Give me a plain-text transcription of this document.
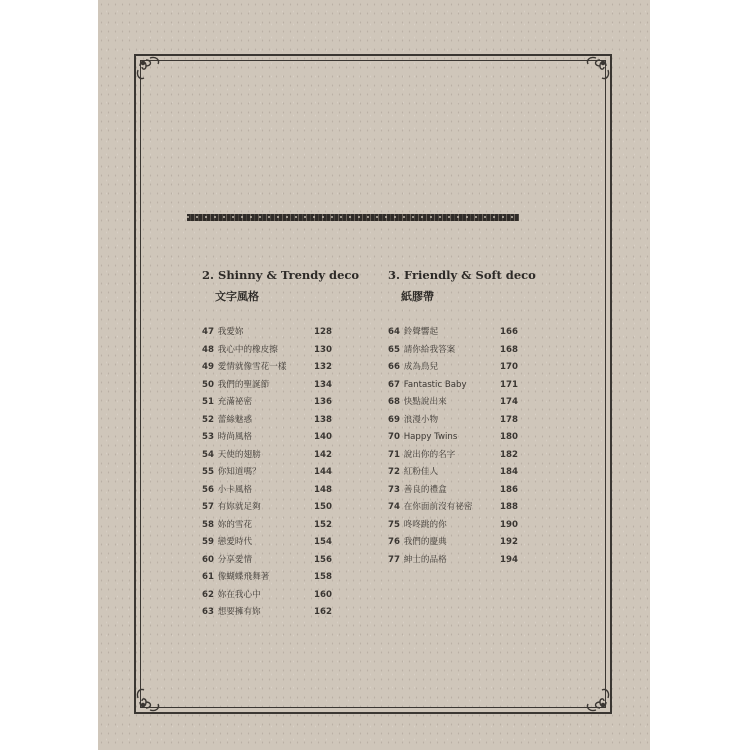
2. Shinny & Trendy deco
文字風格
47 我愛妳	128
48 我心中的橡皮擦	130
49 愛情就像雪花一樣	132
50 我們的聖誕節	134
51 充滿祕密	136
52 蕾絲魅惑	138
53 時尚風格	140
54 天使的翅膀	142
55 你知道嗎？	144
56 小卡風格	148
57 有妳就足夠	150
58 妳的雪花	152
59 戀愛時代	154
60 分享愛情	156
61 像蝴蝶飛舞著	158
62 妳在我心中	160
63 想要擁有妳	162
3. Friendly & Soft deco
紙膠帶
64 鈴聲響起	166
65 請你給我答案	168
66 成為鳥兒	170
67 Fantastic Baby	171
68 快點說出來	174
69 浪漫小物	178
70 Happy Twins	180
71 說出你的名字	182
72 紅粉佳人	184
73 善良的禮盒	186
74 在你面前沒有祕密	188
75 咚咚跳的你	190
76 我們的慶典	192
77 紳士的品格	194
